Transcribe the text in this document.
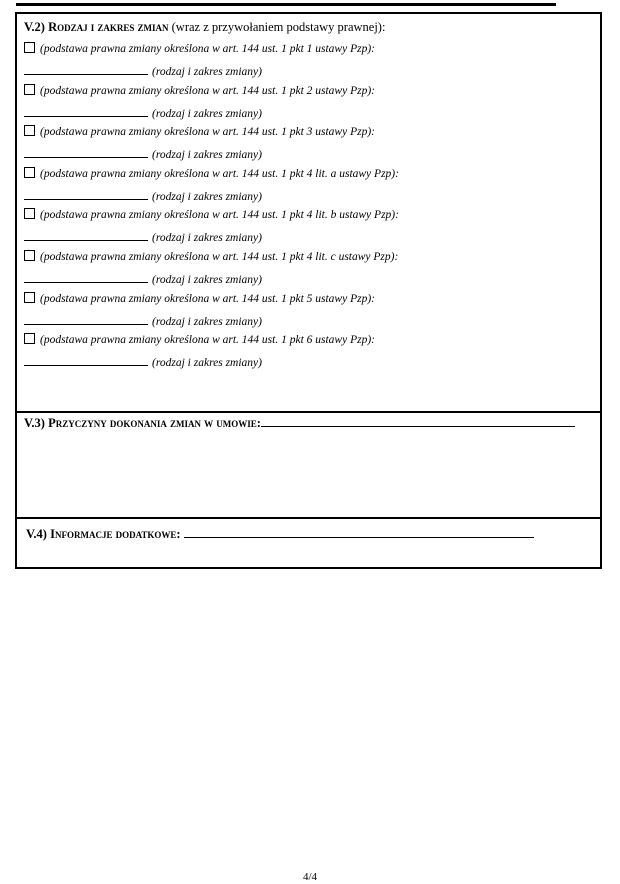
V.2) Rodzaj i zakres zmian (wraz z przywołaniem podstawy prawnej):
(podstawa prawna zmiany określona w art. 144 ust. 1 pkt 1 ustawy Pzp):
(rodzaj i zakres zmiany)
(podstawa prawna zmiany określona w art. 144 ust. 1 pkt 2 ustawy Pzp):
(rodzaj i zakres zmiany)
(podstawa prawna zmiany określona w art. 144 ust. 1 pkt 3 ustawy Pzp):
(rodzaj i zakres zmiany)
(podstawa prawna zmiany określona w art. 144 ust. 1 pkt 4 lit. a ustawy Pzp):
(rodzaj i zakres zmiany)
(podstawa prawna zmiany określona w art. 144 ust. 1 pkt 4 lit. b ustawy Pzp):
(rodzaj i zakres zmiany)
(podstawa prawna zmiany określona w art. 144 ust. 1 pkt 4 lit. c ustawy Pzp):
(rodzaj i zakres zmiany)
(podstawa prawna zmiany określona w art. 144 ust. 1 pkt 5 ustawy Pzp):
(rodzaj i zakres zmiany)
(podstawa prawna zmiany określona w art. 144 ust. 1 pkt 6 ustawy Pzp):
(rodzaj i zakres zmiany)
V.3) Przyczyny dokonania zmian w umowie:
V.4) Informacje dodatkowe:
4/4
